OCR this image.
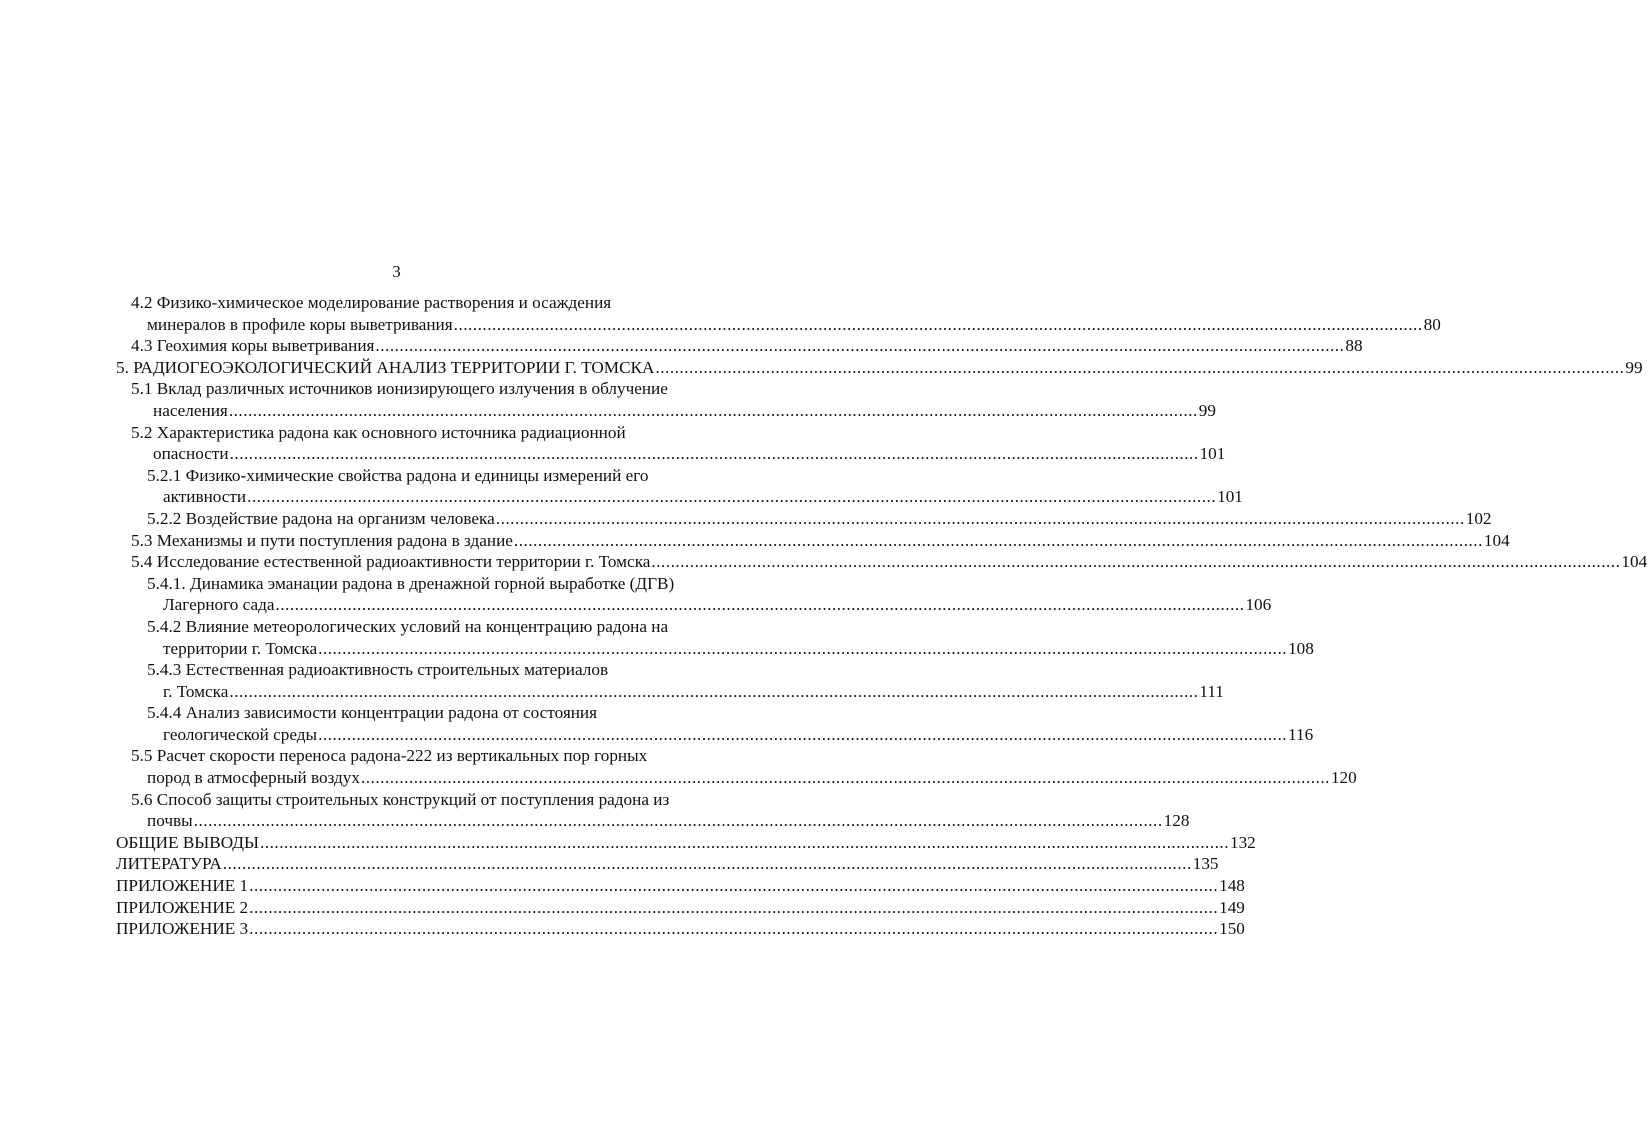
3
4.2 Физико-химическое моделирование растворения и осаждения
минералов в профиле коры выветривания .....	80
4.3 Геохимия коры выветривания .....	88
5. РАДИОГЕОЭКОЛОГИЧЕСКИЙ АНАЛИЗ ТЕРРИТОРИИ Г. ТОМСКА .....	99
5.1 Вклад различных источников ионизирующего излучения в облучение
населения .....	99
5.2 Характеристика радона как основного источника радиационной
опасности .....	101
5.2.1 Физико-химические свойства радона и единицы измерений его
активности .....	101
5.2.2 Воздействие радона на организм человека .....	102
5.3 Механизмы и пути поступления радона в здание .....	104
5.4 Исследование естественной радиоактивности территории г. Томска .....	104
5.4.1. Динамика эманации радона в дренажной горной выработке (ДГВ)
Лагерного сада .....	106
5.4.2 Влияние метеорологических условий на концентрацию радона на
территории г. Томска .....	108
5.4.3 Естественная радиоактивность строительных материалов
г. Томска .....	111
5.4.4 Анализ зависимости концентрации радона от состояния
геологической среды .....	116
5.5 Расчет скорости переноса радона-222 из вертикальных пор горных
пород в атмосферный воздух .....	120
5.6 Способ защиты строительных конструкций от поступления радона из
почвы .....	128
ОБЩИЕ ВЫВОДЫ .....	132
ЛИТЕРАТУРА .....	135
ПРИЛОЖЕНИЕ 1 .....	148
ПРИЛОЖЕНИЕ 2 .....	149
ПРИЛОЖЕНИЕ 3 .....	150
